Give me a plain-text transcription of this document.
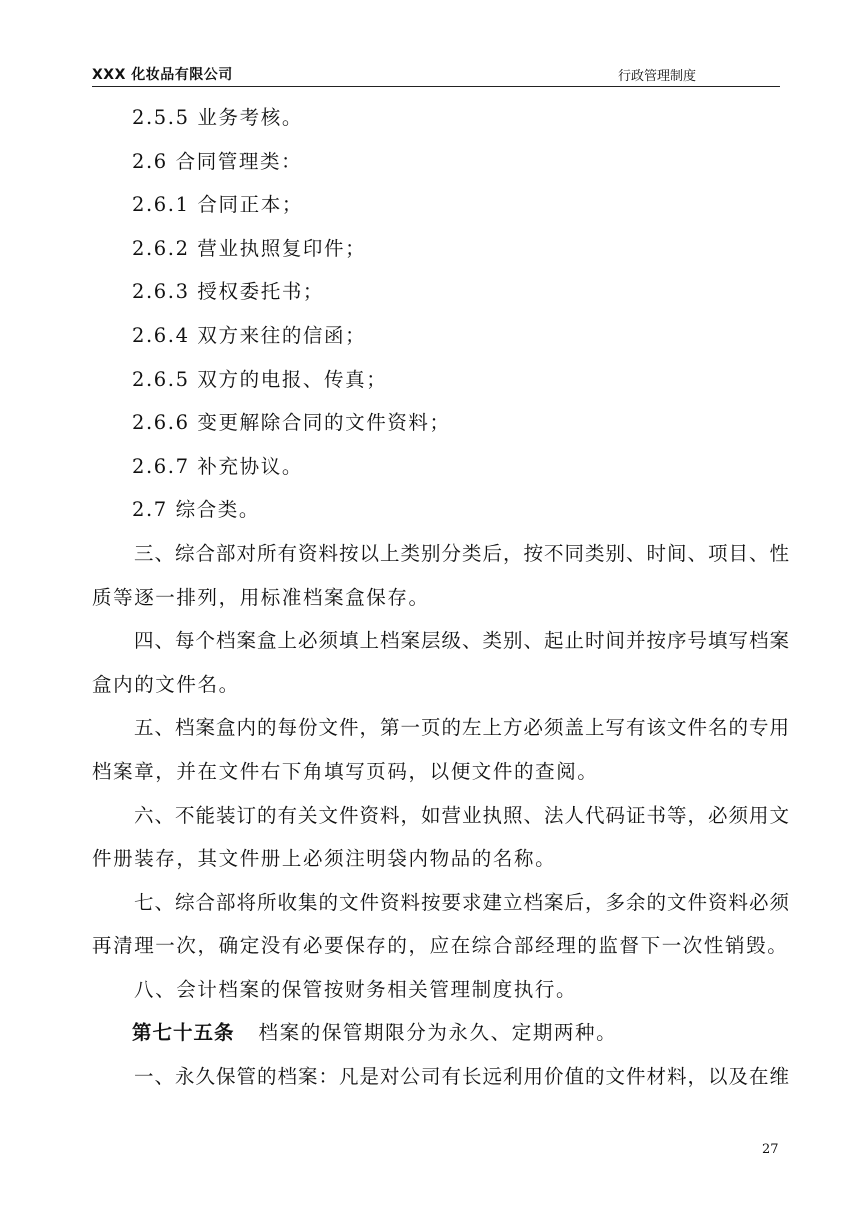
XXX 化妆品有限公司	行政管理制度
2.5.5 业务考核。
2.6 合同管理类：
2.6.1 合同正本；
2.6.2 营业执照复印件；
2.6.3 授权委托书；
2.6.4 双方来往的信函；
2.6.5 双方的电报、传真；
2.6.6 变更解除合同的文件资料；
2.6.7 补充协议。
2.7 综合类。
三、综合部对所有资料按以上类别分类后，按不同类别、时间、项目、性
质等逐一排列，用标准档案盒保存。
四、每个档案盒上必须填上档案层级、类别、起止时间并按序号填写档案
盒内的文件名。
五、档案盒内的每份文件，第一页的左上方必须盖上写有该文件名的专用
档案章，并在文件右下角填写页码，以便文件的查阅。
六、不能装订的有关文件资料，如营业执照、法人代码证书等，必须用文
件册装存，其文件册上必须注明袋内物品的名称。
七、综合部将所收集的文件资料按要求建立档案后，多余的文件资料必须
再清理一次，确定没有必要保存的，应在综合部经理的监督下一次性销毁。
八、会计档案的保管按财务相关管理制度执行。
第七十五条 档案的保管期限分为永久、定期两种。
一、永久保管的档案：凡是对公司有长远利用价值的文件材料，以及在维
27
